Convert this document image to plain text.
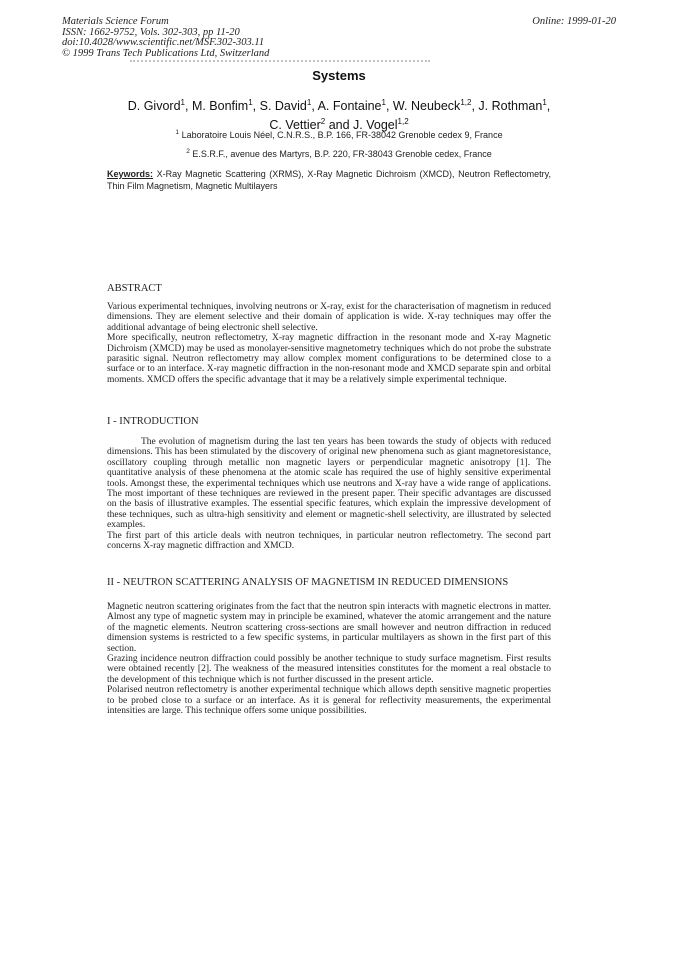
Materials Science Forum
ISSN: 1662-9752, Vols. 302-303, pp 11-20
doi:10.4028/www.scientific.net/MSF.302-303.11
© 1999 Trans Tech Publications Ltd, Switzerland
Online: 1999-01-20
Systems
D. Givord$^1$, M. Bonfim$^1$, S. David$^1$, A. Fontaine$^1$, W. Neubeck$^{1,2}$, J. Rothman$^1$,
C. Vettier$^2$ and J. Vogel$^{1,2}$
$^1$ Laboratoire Louis Néel, C.N.R.S., B.P. 166, FR-38042 Grenoble cedex 9, France
$^2$ E.S.R.F., avenue des Martyrs, B.P. 220, FR-38043 Grenoble cedex, France
Keywords: X-Ray Magnetic Scattering (XRMS), X-Ray Magnetic Dichroism (XMCD), Neutron Reflectometry, Thin Film Magnetism, Magnetic Multilayers
ABSTRACT

Various experimental techniques, involving neutrons or X-ray, exist for the characterisation of magnetism in reduced dimensions. They are element selective and their domain of application is wide. X-ray techniques may offer the additional advantage of being electronic shell selective.

More specifically, neutron reflectometry, X-ray magnetic diffraction in the resonant mode and X-ray Magnetic Dichroism (XMCD) may be used as monolayer-sensitive magnetometry techniques which do not probe the substrate parasitic signal. Neutron reflectometry may allow complex moment configurations to be determined close to a surface or to an interface. X-ray magnetic diffraction in the non-resonant mode and XMCD separate spin and orbital moments. XMCD offers the specific advantage that it may be a relatively simple experimental technique.

I - INTRODUCTION

The evolution of magnetism during the last ten years has been towards the study of objects with reduced dimensions. This has been stimulated by the discovery of original new phenomena such as giant magnetoresistance, oscillatory coupling through metallic non magnetic layers or perpendicular magnetic anisotropy [1]. The quantitative analysis of these phenomena at the atomic scale has required the use of highly sensitive experimental tools. Amongst these, the experimental techniques which use neutrons and X-ray have a wide range of applications. The most important of these techniques are reviewed in the present paper. Their specific advantages are discussed on the basis of illustrative examples. The essential specific features, which explain the impressive development of these techniques, such as ultra-high sensitivity and element or magnetic-shell selectivity, are illustrated by selected examples.

The first part of this article deals with neutron techniques, in particular neutron reflectometry. The second part concerns X-ray magnetic diffraction and XMCD.

II - NEUTRON SCATTERING ANALYSIS OF MAGNETISM IN REDUCED DIMENSIONS

Magnetic neutron scattering originates from the fact that the neutron spin interacts with magnetic electrons in matter. Almost any type of magnetic system may in principle be examined, whatever the atomic arrangement and the nature of the magnetic elements. Neutron scattering cross-sections are small however and neutron diffraction in reduced dimension systems is restricted to a few specific systems, in particular multilayers as shown in the first part of this section.

Grazing incidence neutron diffraction could possibly be another technique to study surface magnetism. First results were obtained recently [2]. The weakness of the measured intensities constitutes for the moment a real obstacle to the development of this technique which is not further discussed in the present article.

Polarised neutron reflectometry is another experimental technique which allows depth sensitive magnetic properties to be probed close to a surface or an interface. As it is general for reflectivity measurements, the experimental intensities are large. This technique offers some unique possibilities.
